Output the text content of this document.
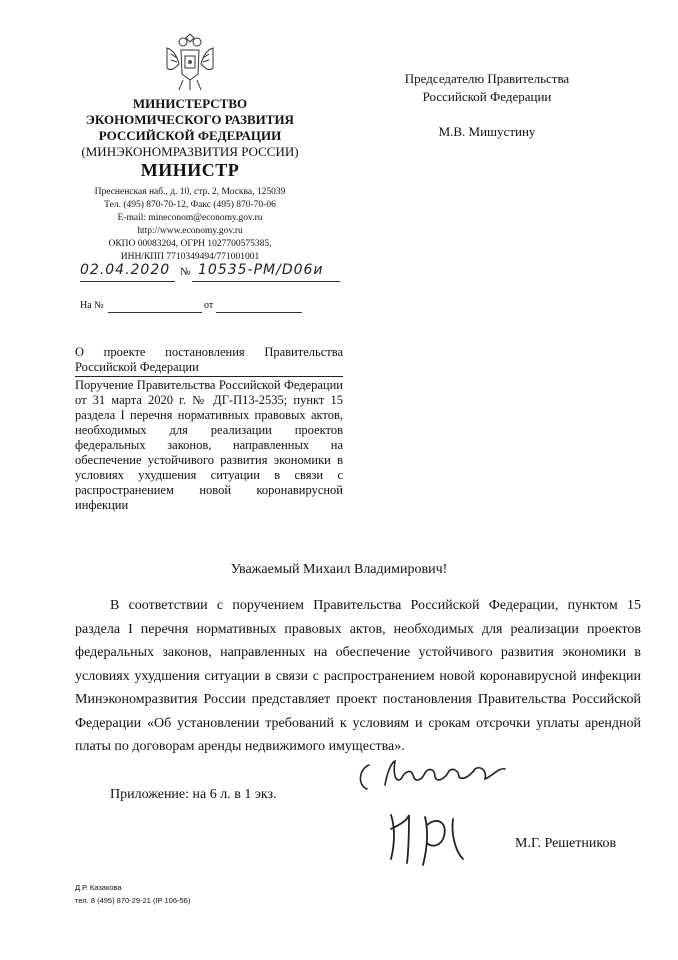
МИНИСТЕРСТВО
ЭКОНОМИЧЕСКОГО РАЗВИТИЯ
РОССИЙСКОЙ ФЕДЕРАЦИИ
(МИНЭКОНОМРАЗВИТИЯ РОССИИ)
МИНИСТР
Пресненская наб., д. 10, стр. 2, Москва, 125039
Тел. (495) 870-70-12, Факс (495) 870-70-06
E-mail: mineconom@economy.gov.ru
http://www.economy.gov.ru
ОКПО 00083204, ОГРН 1027700575385,
ИНН/КПП 7710349494/771001001
02.04.2020 № 10535-PM/D06и
На №	от
Председателю Правительства
Российской Федерации
М.В. Мишустину
О проекте постановления Правительства Российской Федерации
Поручение Правительства Российской Федерации от 31 марта 2020 г. № ДГ-П13-2535; пункт 15 раздела I перечня нормативных правовых актов, необходимых для реализации проектов федеральных законов, направленных на обеспечение устойчивого развития экономики в условиях ухудшения ситуации в связи с распространением новой коронавирусной инфекции
Уважаемый Михаил Владимирович!

В соответствии с поручением Правительства Российской Федерации, пунктом 15 раздела I перечня нормативных правовых актов, необходимых для реализации проектов федеральных законов, направленных на обеспечение устойчивого развития экономики в условиях ухудшения ситуации в связи с распространением новой коронавирусной инфекции Минэкономразвития России представляет проект постановления Правительства Российской Федерации «Об установлении требований к условиям и срокам отсрочки уплаты арендной платы по договорам аренды недвижимого имущества».

Приложение: на 6 л. в 1 экз.
М.Г. Решетников
Д.Р. Казакова
тел. 8 (495) 870-29-21 (IP 106-56)
